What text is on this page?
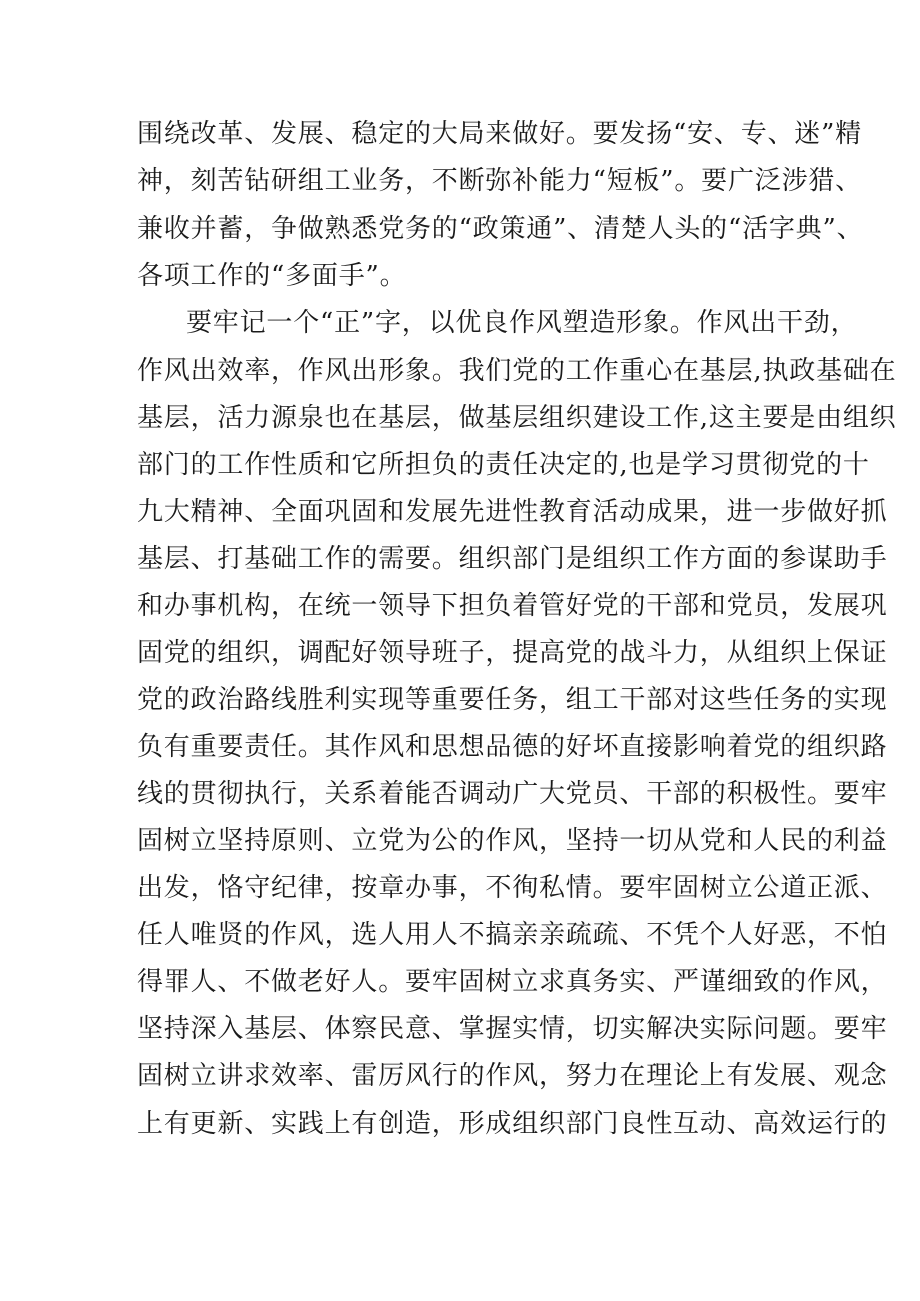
围绕改革、发展、稳定的大局来做好。要发扬“安、专、迷”精
神，刻苦钻研组工业务，不断弥补能力“短板”。要广泛涉猎、
兼收并蓄，争做熟悉党务的“政策通”、清楚人头的“活字典”、
各项工作的“多面手”。
要牢记一个“正”字，以优良作风塑造形象。作风出干劲，
作风出效率，作风出形象。我们党的工作重心在基层,执政基础在
基层，活力源泉也在基层，做基层组织建设工作,这主要是由组织
部门的工作性质和它所担负的责任决定的,也是学习贯彻党的十
九大精神、全面巩固和发展先进性教育活动成果，进一步做好抓
基层、打基础工作的需要。组织部门是组织工作方面的参谋助手
和办事机构，在统一领导下担负着管好党的干部和党员，发展巩
固党的组织，调配好领导班子，提高党的战斗力，从组织上保证
党的政治路线胜利实现等重要任务，组工干部对这些任务的实现
负有重要责任。其作风和思想品德的好坏直接影响着党的组织路
线的贯彻执行，关系着能否调动广大党员、干部的积极性。要牢
固树立坚持原则、立党为公的作风，坚持一切从党和人民的利益
出发，恪守纪律，按章办事，不徇私情。要牢固树立公道正派、
任人唯贤的作风，选人用人不搞亲亲疏疏、不凭个人好恶，不怕
得罪人、不做老好人。要牢固树立求真务实、严谨细致的作风，
坚持深入基层、体察民意、掌握实情，切实解决实际问题。要牢
固树立讲求效率、雷厉风行的作风，努力在理论上有发展、观念
上有更新、实践上有创造，形成组织部门良性互动、高效运行的
